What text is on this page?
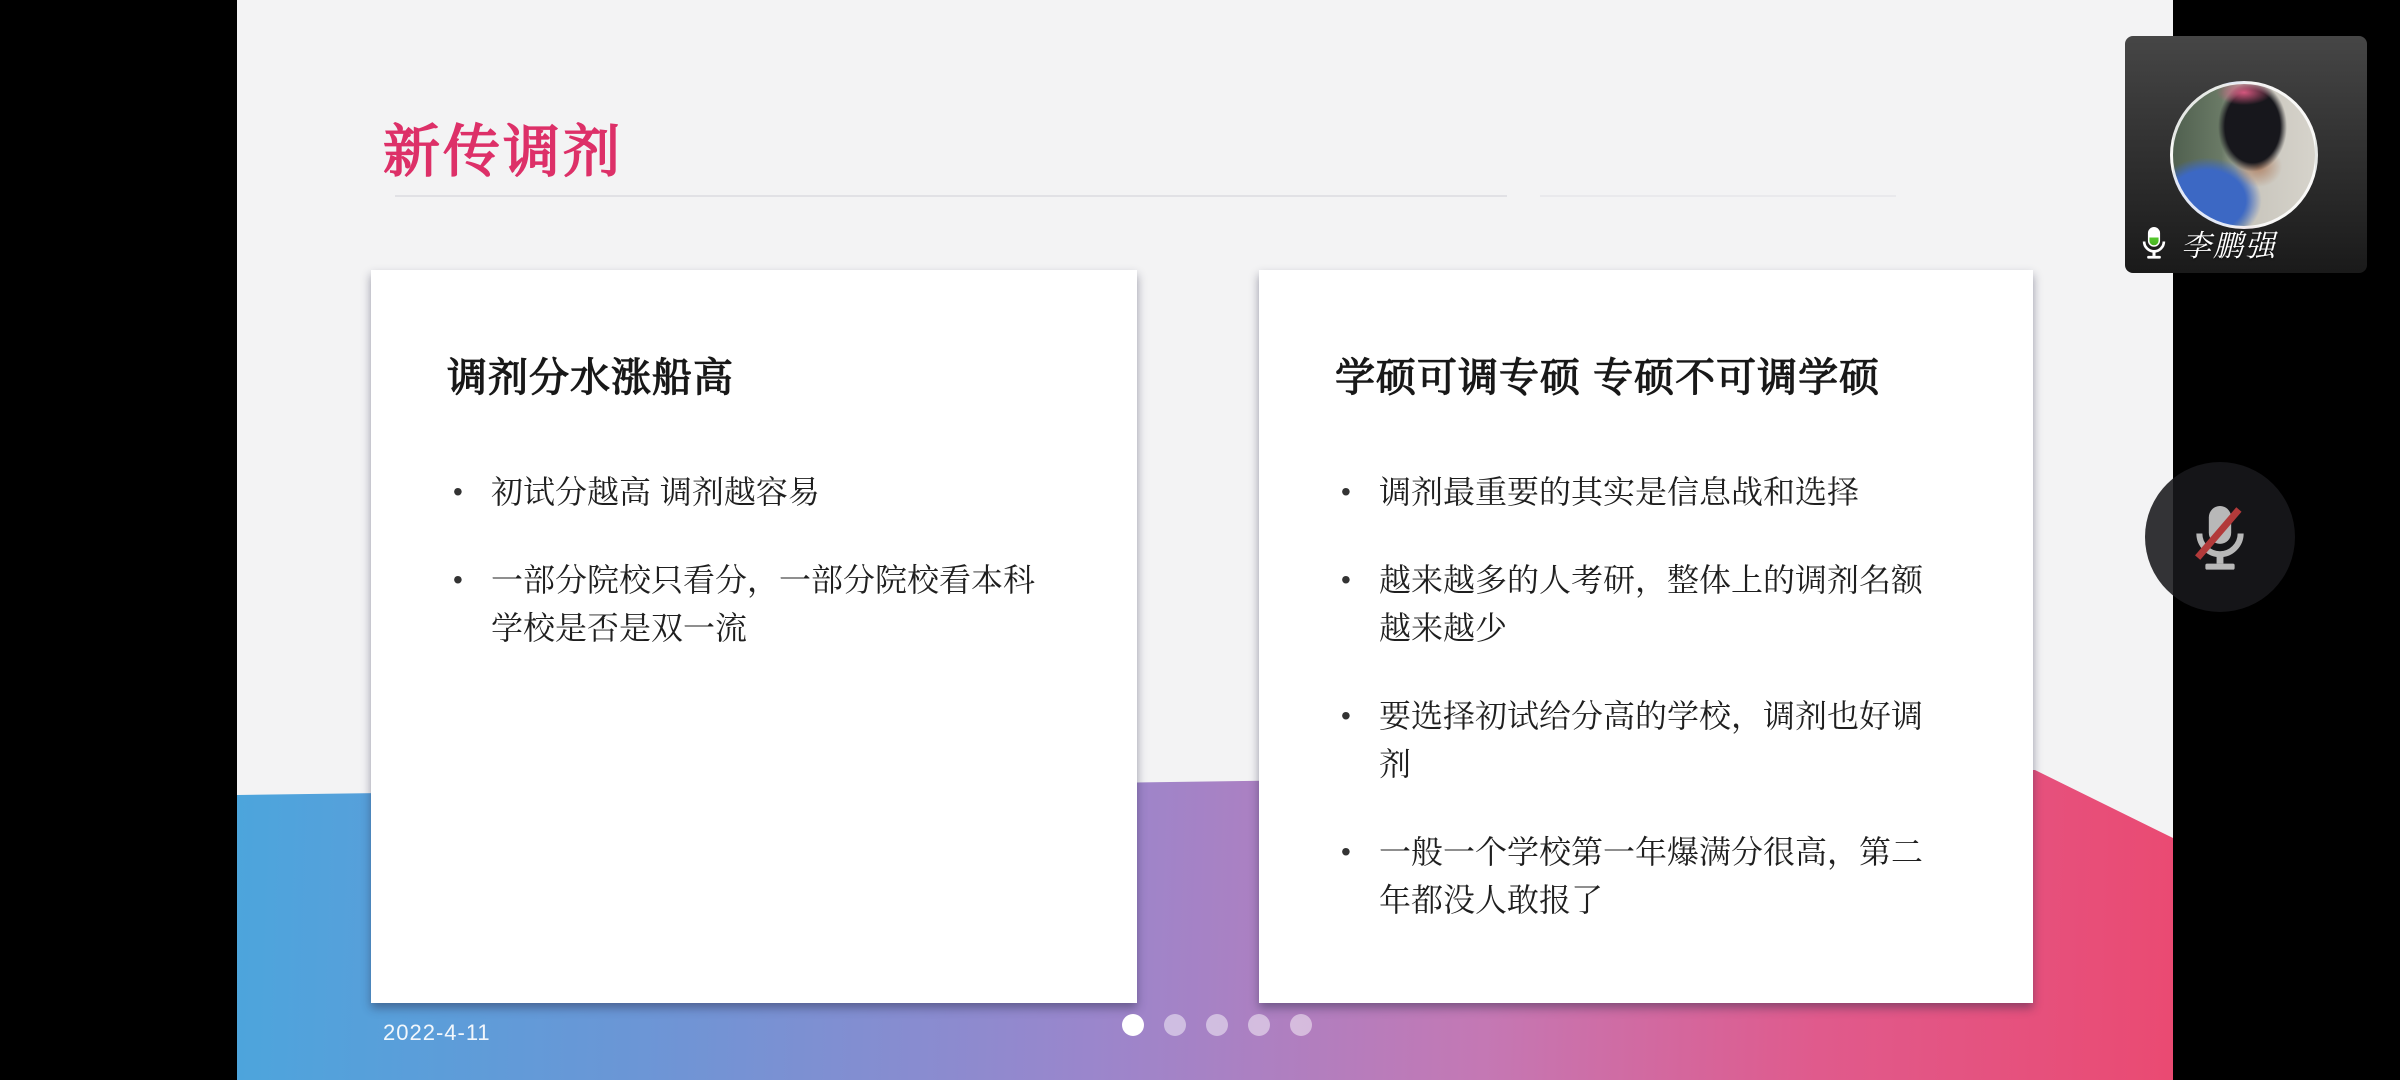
新传调剂
调剂分水涨船高
• 初试分越高 调剂越容易
• 一部分院校只看分，一部分院校看本科学校是否是双一流
学硕可调专硕 专硕不可调学硕
• 调剂最重要的其实是信息战和选择
• 越来越多的人考研，整体上的调剂名额越来越少
• 要选择初试给分高的学校，调剂也好调剂
• 一般一个学校第一年爆满分很高，第二年都没人敢报了
2022-4-11
李鹏强
